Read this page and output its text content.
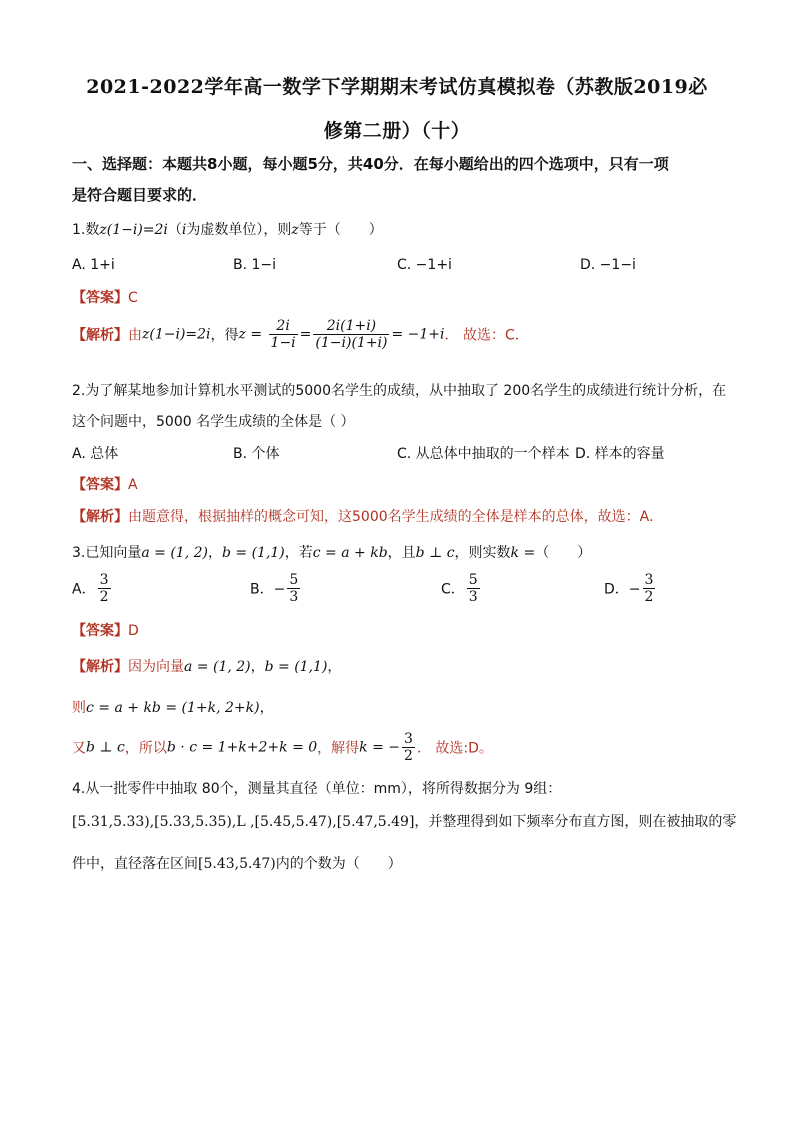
2021-2022学年高一数学下学期期末考试仿真模拟卷（苏教版2019必
修第二册）（十）
一、选择题：本题共8小题，每小题5分，共40分．在每小题给出的四个选项中，只有一项
是符合题目要求的．
1.数z(1−i)=2i（i为虚数单位），则z等于（　　）
A. 1+i	B. 1−i	C. −1+i	D. −1−i
【答案】C
【解析】由z(1−i)=2i，得$z = \frac{2i}{1-i} = \frac{2i(1+i)}{(1-i)(1+i)} = -1+i$． 故选：C．
2.为了解某地参加计算机水平测试的5000名学生的成绩，从中抽取了 200名学生的成绩进行统计分析，在
这个问题中，5000 名学生成绩的全体是（ ）
A. 总体	B. 个体	C. 从总体中抽取的一个样本 D. 样本的容量
【答案】A
【解析】由题意得，根据抽样的概念可知，这5000名学生成绩的全体是样本的总体，故选：A.
3.已知向量a = (1, 2)，b = (1,1)，若c = a + kb，且b ⊥ c，则实数k =（　　）
A． $\frac{3}{2}$	B．− $\frac{5}{3}$	C． $\frac{5}{3}$	D．− $\frac{3}{2}$
【答案】D
【解析】因为向量a = (1, 2)，b = (1,1)，
则c = a + kb = (1+k, 2+k)，
又b ⊥ c，所以b · c = 1+k+2+k = 0，解得k = − $\frac{3}{2}$ ． 故选:D。
4.从一批零件中抽取 80个，测量其直径（单位：mm），将所得数据分为 9组：
[5.31,5.33),[5.33,5.35),L ,[5.45,5.47),[5.47,5.49]，并整理得到如下频率分布直方图，则在被抽取的零
件中，直径落在区间[5.43,5.47)内的个数为（　　）
